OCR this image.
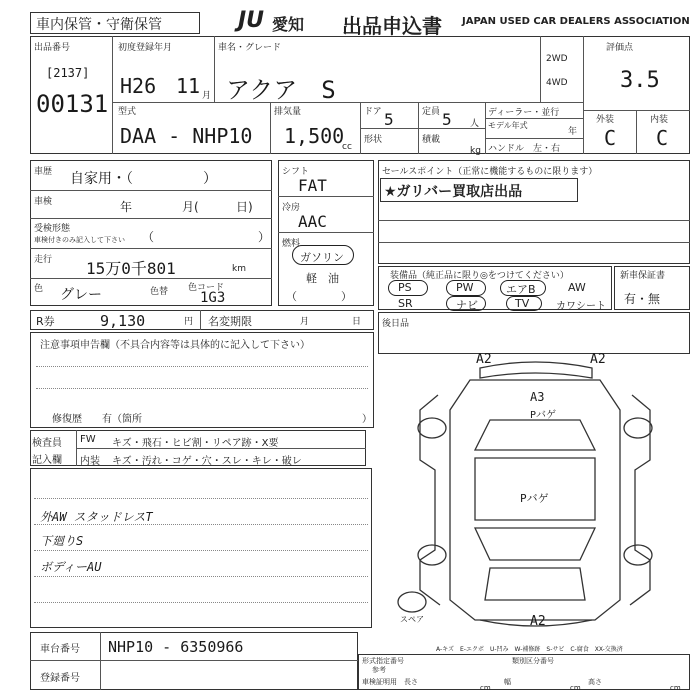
車内保管・守衛保管	JU 愛知 出品申込書 JAPAN USED CAR DEALERS ASSOCIATION
出品番号
[2137]
00131
初度登録年月
H26 11 月
車名・グレード
アクア　S
2WD
4WD
評価点
3.5
外装	内装
C C
型式
DAA - NHP10
排気量
1,500
cc
ドア 5
形状
定員 5 人
積載
kg
ディーラー・並行
モデル年式
年
ハンドル　左・右
車歴 自家用・（　　　　　）
車検	年	月(	日)
受検形態
車検付きのみ記入して下さい （	）
走行 15万0千801	km
色 グレー	色替 色コード
1G3
シフト
FAT
冷房
AAC
燃料
ガソリン
軽　油
（　　　　）
セールスポイント（正常に機能するものに限ります）
★ガリバー買取店出品
装備品（純正品に限り◎をつけてください）
PS	PW	エアB	AW
SR	ナビ	TV	カワシート
新車保証書
有・無
R券	9,130	円 名変期限	月	日 後日品
注意事項申告欄（不具合内容等は具体的に記入して下さい）
修復歴　　有（箇所	）
検査員
記入欄
FW キズ・飛石・ヒビ割・リペア跡・X要
内装 キズ・汚れ・コゲ・穴・スレ・キレ・破レ
外AW スタッドレスT
下廻りS
ボディーAU
A2	A2
A3
Pバゲ
Pバゲ
A2
スペア
A-キズ　E-エクボ　U-凹み　W-補修跡　S-サビ　C-腐食　XX-交換済
車台番号 NHP10 - 6350966
登録番号
形式指定番号	類別区分番号
参考
車検証明用 長さ	幅	高さ
cm	cm	cm
